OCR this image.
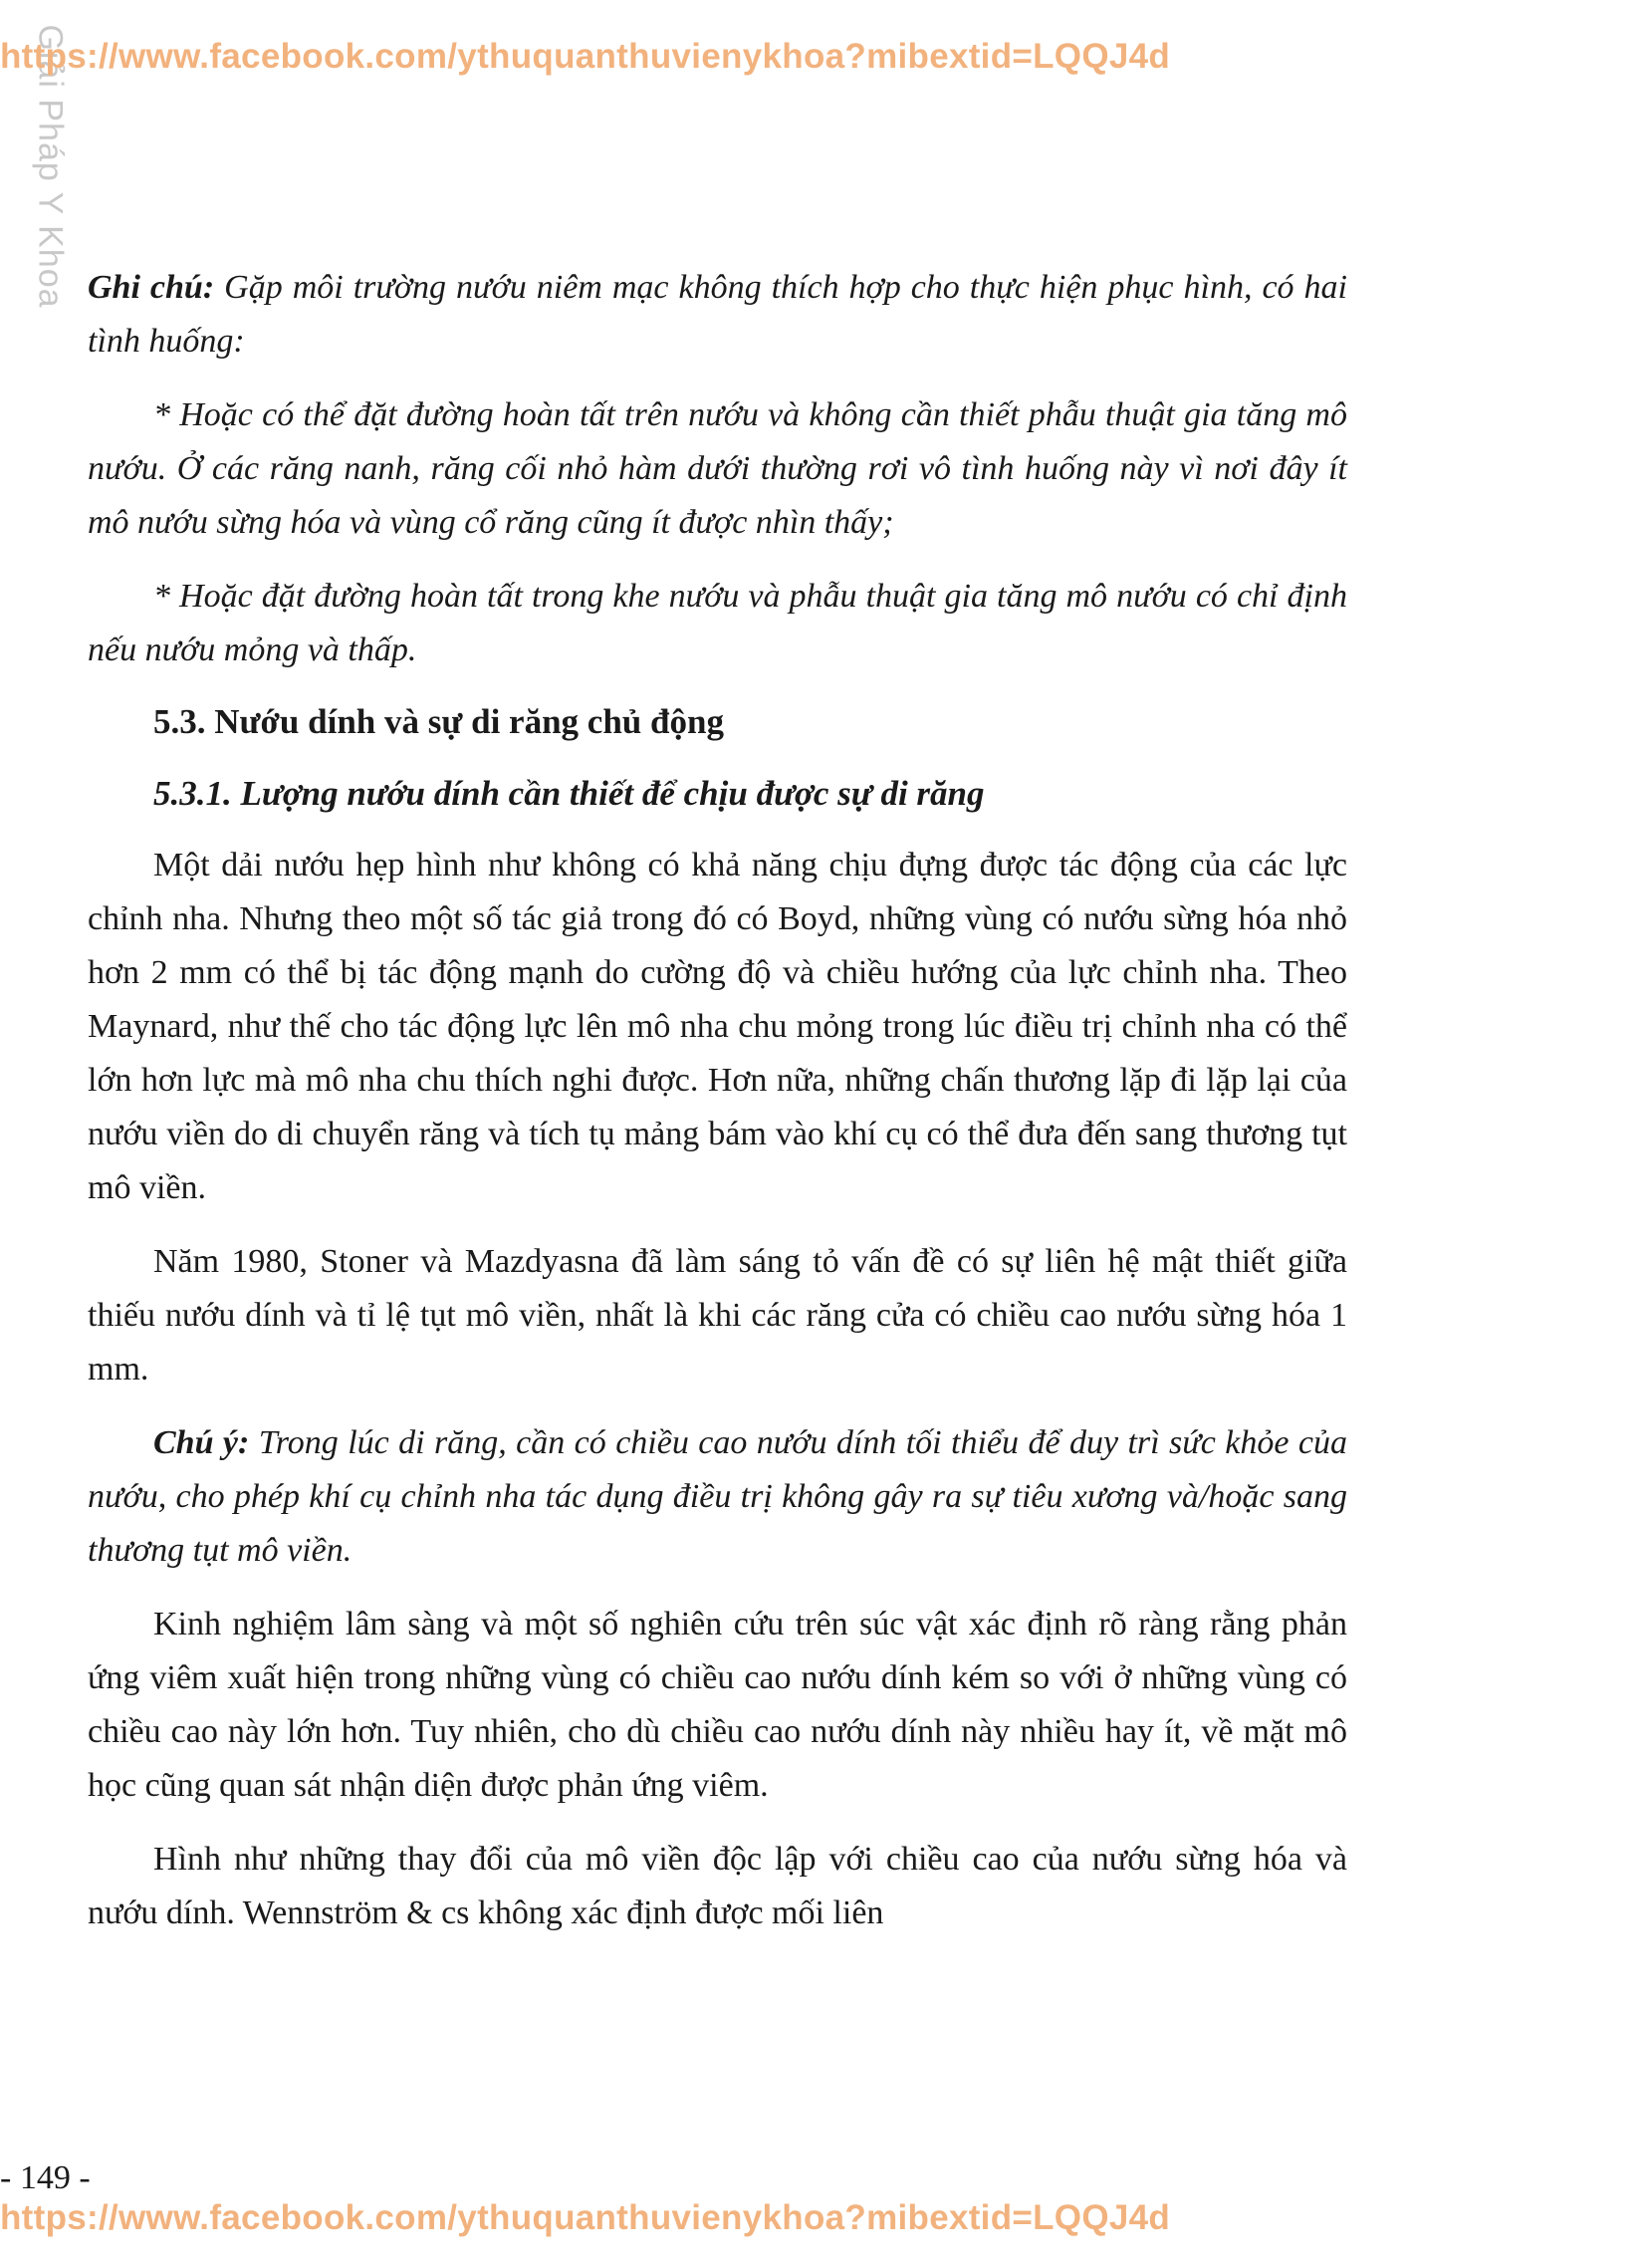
Giải Pháp Y Khoa

https://www.facebook.com/ythuquanthuvienykhoa?mibextid=LQQJ4d

Ghi chú: Gặp môi trường nướu niêm mạc không thích hợp cho thực hiện phục hình, có hai tình huống:

* Hoặc có thể đặt đường hoàn tất trên nướu và không cần thiết phẫu thuật gia tăng mô nướu. Ở các răng nanh, răng cối nhỏ hàm dưới thường rơi vô tình huống này vì nơi đây ít mô nướu sừng hóa và vùng cổ răng cũng ít được nhìn thấy;

* Hoặc đặt đường hoàn tất trong khe nướu và phẫu thuật gia tăng mô nướu có chỉ định nếu nướu mỏng và thấp.

5.3. Nướu dính và sự di răng chủ động
5.3.1. Lượng nướu dính cần thiết để chịu được sự di răng

Một dải nướu hẹp hình như không có khả năng chịu đựng được tác động của các lực chỉnh nha. Nhưng theo một số tác giả trong đó có Boyd, những vùng có nướu sừng hóa nhỏ hơn 2 mm có thể bị tác động mạnh do cường độ và chiều hướng của lực chỉnh nha. Theo Maynard, như thế cho tác động lực lên mô nha chu mỏng trong lúc điều trị chỉnh nha có thể lớn hơn lực mà mô nha chu thích nghi được. Hơn nữa, những chấn thương lặp đi lặp lại của nướu viền do di chuyển răng và tích tụ mảng bám vào khí cụ có thể đưa đến sang thương tụt mô viền.

Năm 1980, Stoner và Mazdyasna đã làm sáng tỏ vấn đề có sự liên hệ mật thiết giữa thiếu nướu dính và tỉ lệ tụt mô viền, nhất là khi các răng cửa có chiều cao nướu sừng hóa 1 mm.

Chú ý: Trong lúc di răng, cần có chiều cao nướu dính tối thiểu để duy trì sức khỏe của nướu, cho phép khí cụ chỉnh nha tác dụng điều trị không gây ra sự tiêu xương và/hoặc sang thương tụt mô viền.

Kinh nghiệm lâm sàng và một số nghiên cứu trên súc vật xác định rõ ràng rằng phản ứng viêm xuất hiện trong những vùng có chiều cao nướu dính kém so với ở những vùng có chiều cao này lớn hơn. Tuy nhiên, cho dù chiều cao nướu dính này nhiều hay ít, về mặt mô học cũng quan sát nhận diện được phản ứng viêm.

Hình như những thay đổi của mô viền độc lập với chiều cao của nướu sừng hóa và nướu dính. Wennström & cs không xác định được mối liên

- 149 -

https://www.facebook.com/ythuquanthuvienykhoa?mibextid=LQQJ4d
